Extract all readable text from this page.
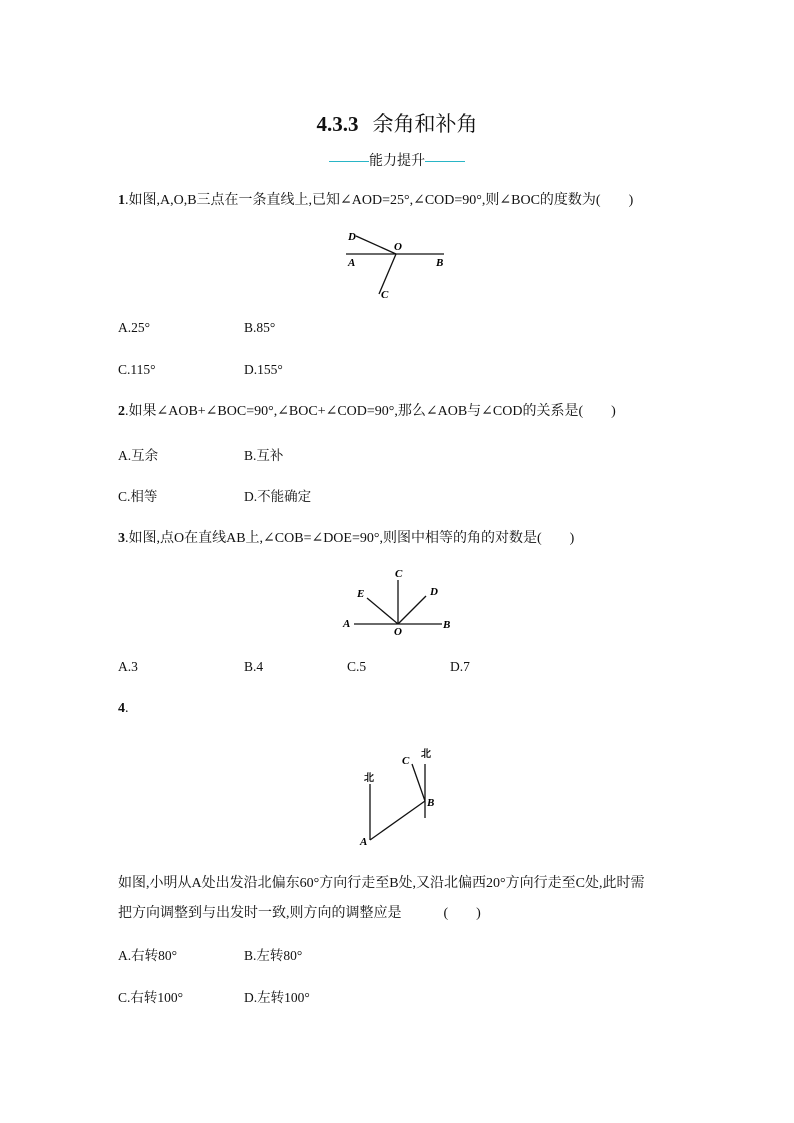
4.3.3 余角和补角
能力提升
1.如图,A,O,B三点在一条直线上,已知∠AOD=25°,∠COD=90°,则∠BOC的度数为(　　)
D
O
A	B
C
A.25°	B.85°
C.115°	D.155°
2.如果∠AOB+∠BOC=90°,∠BOC+∠COD=90°,那么∠AOB与∠COD的关系是(　　)
A.互余	B.互补
C.相等	D.不能确定
3.如图,点O在直线AB上,∠COB=∠DOE=90°,则图中相等的角的对数是(　　)
C
E	D
A	B
O
A.3	B.4	C.5	D.7
4.
北
北
C
B
A
如图,小明从A处出发沿北偏东60°方向行走至B处,又沿北偏西20°方向行走至C处,此时需
把方向调整到与出发时一致,则方向的调整应是　　　(　　)
A.右转80°	B.左转80°
C.右转100°	D.左转100°
